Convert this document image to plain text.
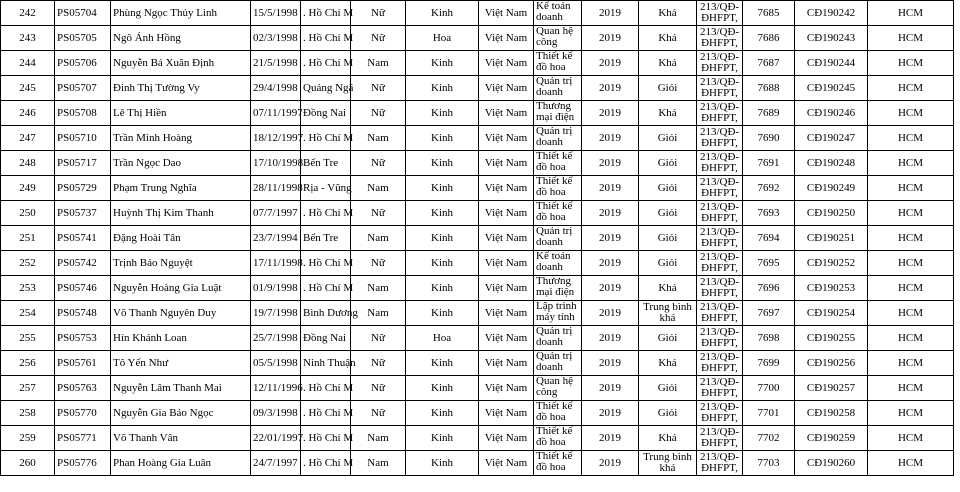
242	PS05704	Phùng Ngọc Thủy Linh	15/5/1998	. Hồ Chí M	Nữ	Kinh	Việt Nam	Kế toán doanh	2019	Khá	213/QĐ-
ĐHFPT,	7685	CĐ190242	HCM
243	PS05705	Ngô Ánh Hồng	02/3/1998	. Hồ Chí M	Nữ	Hoa	Việt Nam	Quan hệ công	2019	Khá	213/QĐ-
ĐHFPT,	7686	CĐ190243	HCM
244	PS05706	Nguyễn Bá Xuân Định	21/5/1998	. Hồ Chí M	Nam	Kinh	Việt Nam	Thiết kế đồ hoa	2019	Khá	213/QĐ-
ĐHFPT,	7687	CĐ190244	HCM
245	PS05707	Đinh Thị Tường Vy	29/4/1998	Quảng Ngã	Nữ	Kinh	Việt Nam	Quản trị doanh	2019	Giỏi	213/QĐ-
ĐHFPT,	7688	CĐ190245	HCM
246	PS05708	Lê Thị Hiền	07/11/1997	Đồng Nai	Nữ	Kinh	Việt Nam	Thương mại điện	2019	Khá	213/QĐ-
ĐHFPT,	7689	CĐ190246	HCM
247	PS05710	Trần Minh Hoàng	18/12/1997	. Hồ Chí M	Nam	Kinh	Việt Nam	Quản trị doanh	2019	Giỏi	213/QĐ-
ĐHFPT,	7690	CĐ190247	HCM
248	PS05717	Trần Ngọc Dao	17/10/1998	Bến Tre	Nữ	Kinh	Việt Nam	Thiết kế đồ hoa	2019	Giỏi	213/QĐ-
ĐHFPT,	7691	CĐ190248	HCM
249	PS05729	Phạm Trung Nghĩa	28/11/1998	Rịa - Vũng	Nam	Kinh	Việt Nam	Thiết kế đồ hoa	2019	Giỏi	213/QĐ-
ĐHFPT,	7692	CĐ190249	HCM
250	PS05737	Huỳnh Thị Kim Thanh	07/7/1997	. Hồ Chí M	Nữ	Kinh	Việt Nam	Thiết kế đồ hoa	2019	Giỏi	213/QĐ-
ĐHFPT,	7693	CĐ190250	HCM
251	PS05741	Đặng Hoài Tân	23/7/1994	Bến Tre	Nam	Kinh	Việt Nam	Quản trị doanh	2019	Giỏi	213/QĐ-
ĐHFPT,	7694	CĐ190251	HCM
252	PS05742	Trịnh Bảo Nguyệt	17/11/1998	. Hồ Chí M	Nữ	Kinh	Việt Nam	Kế toán doanh	2019	Giỏi	213/QĐ-
ĐHFPT,	7695	CĐ190252	HCM
253	PS05746	Nguyễn Hoàng Gia Luật	01/9/1998	. Hồ Chí M	Nam	Kinh	Việt Nam	Thương mại điện	2019	Khá	213/QĐ-
ĐHFPT,	7696	CĐ190253	HCM
254	PS05748	Võ Thanh Nguyên Duy	19/7/1998	Bình Dương	Nam	Kinh	Việt Nam	Lập trình máy tính	2019	Trung bình khá	213/QĐ-
ĐHFPT,	7697	CĐ190254	HCM
255	PS05753	Hín Khánh Loan	25/7/1998	Đồng Nai	Nữ	Hoa	Việt Nam	Quản trị doanh	2019	Giỏi	213/QĐ-
ĐHFPT,	7698	CĐ190255	HCM
256	PS05761	Tô Yến Như	05/5/1998	Ninh Thuận	Nữ	Kinh	Việt Nam	Quản trị doanh	2019	Khá	213/QĐ-
ĐHFPT,	7699	CĐ190256	HCM
257	PS05763	Nguyễn Lâm Thanh Mai	12/11/1996	. Hồ Chí M	Nữ	Kinh	Việt Nam	Quan hệ công	2019	Giỏi	213/QĐ-
ĐHFPT,	7700	CĐ190257	HCM
258	PS05770	Nguyễn Gia Bảo Ngọc	09/3/1998	. Hồ Chí M	Nữ	Kinh	Việt Nam	Thiết kế đồ hoa	2019	Giỏi	213/QĐ-
ĐHFPT,	7701	CĐ190258	HCM
259	PS05771	Võ Thanh Vân	22/01/1997	. Hồ Chí M	Nam	Kinh	Việt Nam	Thiết kế đồ hoa	2019	Khá	213/QĐ-
ĐHFPT,	7702	CĐ190259	HCM
260	PS05776	Phan Hoàng Gia Luân	24/7/1997	. Hồ Chí M	Nam	Kinh	Việt Nam	Thiết kế đồ hoa	2019	Trung bình khá	213/QĐ-
ĐHFPT,	7703	CĐ190260	HCM
